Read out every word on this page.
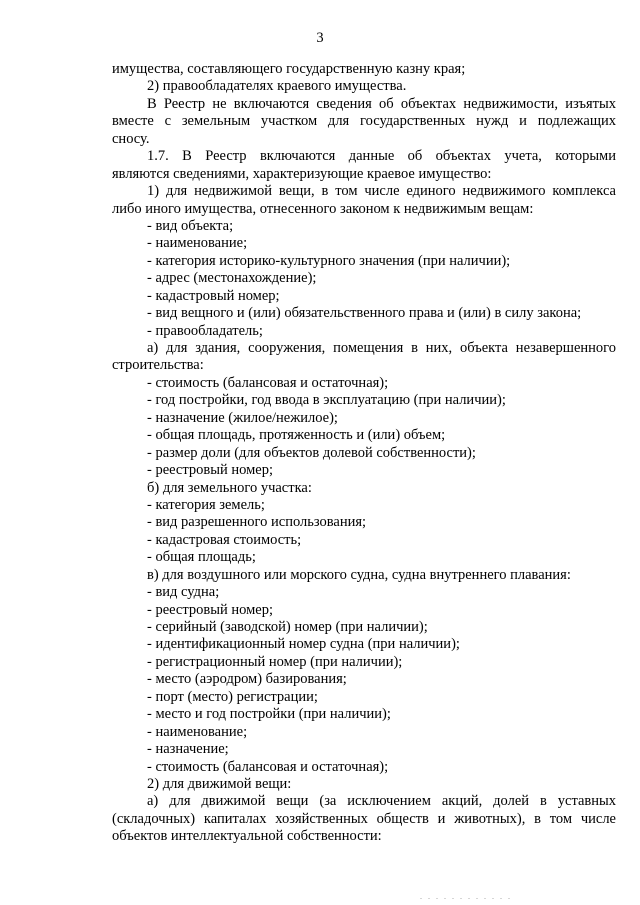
3
имущества, составляющего государственную казну края;
2) правообладателях краевого имущества.
В Реестр не включаются сведения об объектах недвижимости, изъятых
вместе с земельным участком для государственных нужд и подлежащих
сносу.
1.7. В Реестр включаются данные об объектах учета, которыми
являются сведениями, характеризующие краевое имущество:
1) для недвижимой вещи, в том числе единого недвижимого комплекса
либо иного имущества, отнесенного законом к недвижимым вещам:
- вид объекта;
- наименование;
- категория историко-культурного значения (при наличии);
- адрес (местонахождение);
- кадастровый номер;
- вид вещного и (или) обязательственного права и (или) в силу закона;
- правообладатель;
а) для здания, сооружения, помещения в них, объекта незавершенного
строительства:
- стоимость (балансовая и остаточная);
- год постройки, год ввода в эксплуатацию (при наличии);
- назначение (жилое/нежилое);
- общая площадь, протяженность и (или) объем;
- размер доли (для объектов долевой собственности);
- реестровый номер;
б) для земельного участка:
- категория земель;
- вид разрешенного использования;
- кадастровая стоимость;
- общая площадь;
в) для воздушного или морского судна, судна внутреннего плавания:
- вид судна;
- реестровый номер;
- серийный (заводской) номер (при наличии);
- идентификационный номер судна (при наличии);
- регистрационный номер (при наличии);
- место (аэродром) базирования;
- порт (место) регистрации;
- место и год постройки (при наличии);
- наименование;
- назначение;
- стоимость (балансовая и остаточная);
2) для движимой вещи:
а) для движимой вещи (за исключением акций, долей в уставных
(складочных) капиталах хозяйственных обществ и животных), в том числе
объектов интеллектуальной собственности:
